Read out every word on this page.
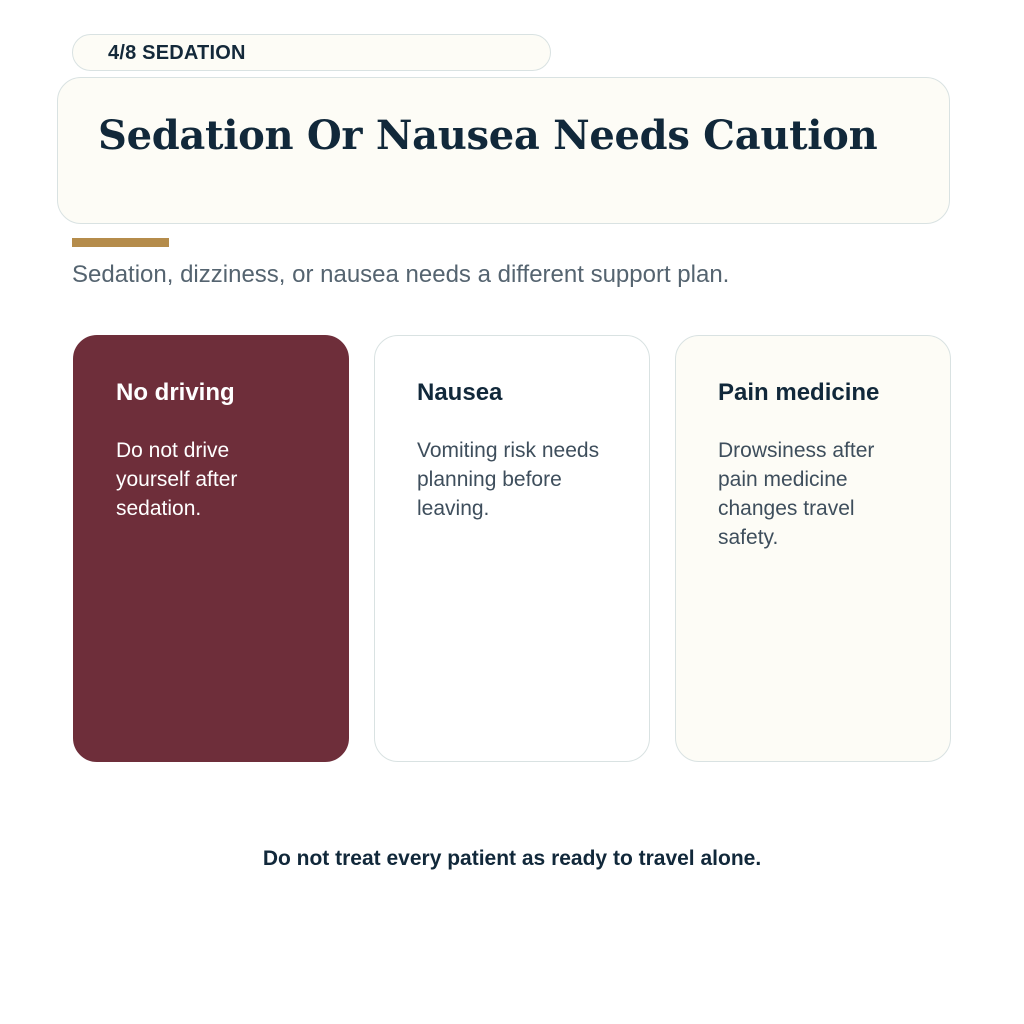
4/8 SEDATION
Sedation Or Nausea Needs Caution
Sedation, dizziness, or nausea needs a different support plan.
No driving

Do not drive yourself after sedation.

Nausea

Vomiting risk needs planning before leaving.

Pain medicine

Drowsiness after pain medicine changes travel safety.

Do not treat every patient as ready to travel alone.
